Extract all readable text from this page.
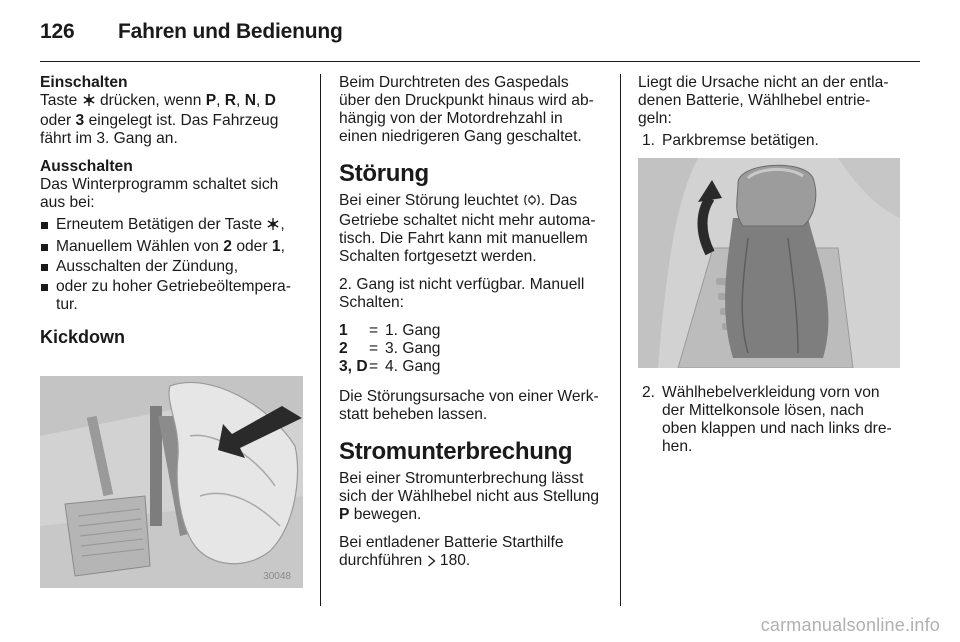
126 Fahren und Bedienung
Einschalten

Taste  drücken, wenn P, R, N, D
oder 3 eingelegt ist. Das Fahrzeug fährt im 3. Gang an.

Ausschalten
Das Winterprogramm schaltet sich aus bei:
Erneutem Betätigen der Taste ,
Manuellem Wählen von 2 oder 1,
Ausschalten der Zündung,
oder zu hoher Getriebeöltempera-tur.
Kickdown
30048

Beim Durchtreten des Gaspedals über den Druckpunkt hinaus wird ab-hängig von der Motordrehzahl in einen niedrigeren Gang geschaltet.

Störung

Bei einer Störung leuchtet . Das Getriebe schaltet nicht mehr automa-tisch. Die Fahrt kann mit manuellem Schalten fortgesetzt werden.

2. Gang ist nicht verfügbar. Manuell Schalten:

1	= 1. Gang
2	= 3. Gang
3, D = 4. Gang

Die Störungsursache von einer Werk-statt beheben lassen.

Stromunterbrechung

Bei einer Stromunterbrechung lässt sich der Wählhebel nicht aus Stellung P bewegen.

Bei entladener Batterie Starthilfe durchführen  180.

Liegt die Ursache nicht an der entla-denen Batterie, Wählhebel entrie-geln:

1. Parkbremse betätigen.
2. Wählhebelverkleidung vorn von der Mittelkonsole lösen, nach oben klappen und nach links dre-hen.
carmanualsonline.info
